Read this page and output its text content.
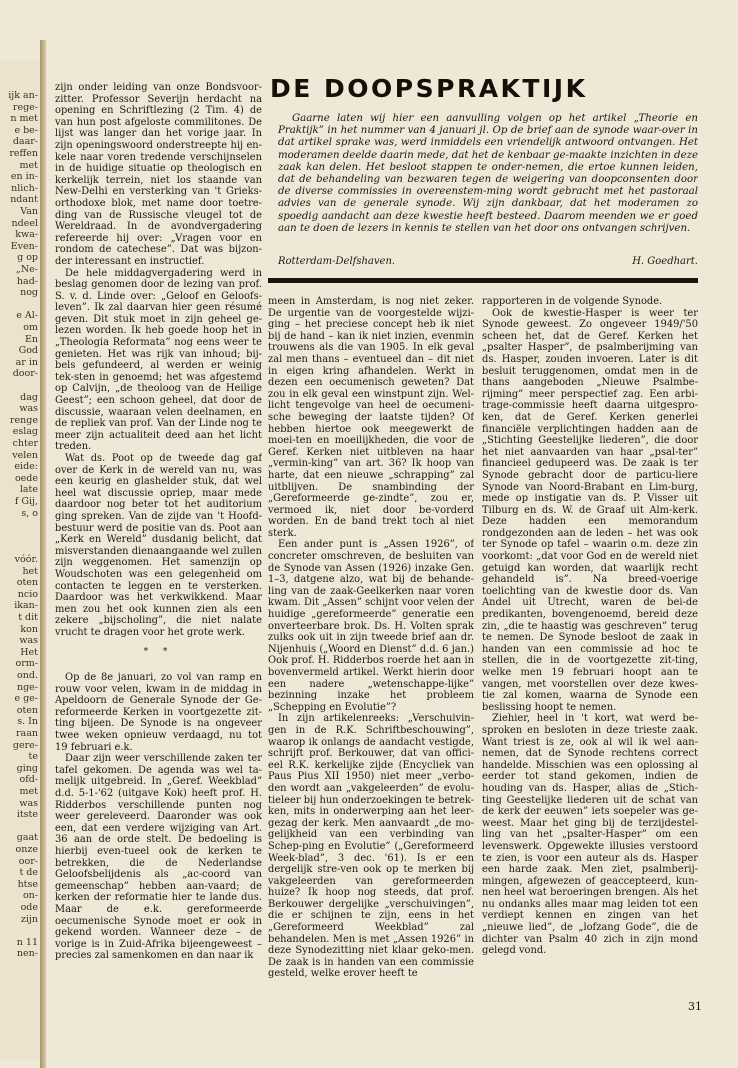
ijk an-
rege-
n met
e be-
daar-
reffen
met
en in-
nlich-
ndant
Van
ndeel
kwa-
Even-
g op
„Ne-
had-
nog
e Al-
om
En
God
ar in
door-
dag
was
renge
eslag
chter
velen
eide:
oede
late
f Gij,
s, o
vóór.
het
oten
ncio
ikan-
t dit
kon
was
Het
orm-
ond.
nge-
e ge-
oten
s. In
raan
gere-
te
ging
ofd-
met
was
itste
gaat
onze
oor-
t de
htse
on-
ode
zijn
n 11
nen-

zijn onder leiding van onze Bondsvoor-zitter. Professor Severijn herdacht na opening en Schriftlezing (2 Tim. 4) de van hun post afgeloste commilitones. De lijst was langer dan het vorige jaar. In zijn openingswoord onderstreepte hij en-kele naar voren tredende verschijnselen in de huidige situatie op theologisch en kerkelijk terrein, niet los staande van New-Delhi en versterking van 't Grieks-orthodoxe blok, met name door toetre-ding van de Russische vleugel tot de Wereldraad. In de avondvergadering refereerde hij over: „Vragen voor en rondom de catechese”. Dat was bijzon-der interessant en instructief.

De hele middagvergadering werd in beslag genomen door de lezing van prof. S. v. d. Linde over: „Geloof en Geloofs-leven”. Ik zal daarvan hier geen résumé geven. Dit stuk moet in zijn geheel ge-lezen worden. Ik heb goede hoop het in „Theologia Reformata” nog eens weer te genieten. Het was rijk van inhoud; bij-bels gefundeerd, al werden er weinig tek-sten in genoemd; het was afgestemd op Calvijn, „de theoloog van de Heilige Geest”; een schoon geheel, dat door de discussie, waaraan velen deelnamen, en de repliek van prof. Van der Linde nog te meer zijn actualiteit deed aan het licht treden.

Wat ds. Poot op de tweede dag gaf over de Kerk in de wereld van nu, was een keurig en glashelder stuk, dat wel heel wat discussie opriep, maar mede daardoor nog beter tot het auditorium ging spreken. Van de zijde van 't Hoofd-bestuur werd de positie van ds. Poot aan „Kerk en Wereld” dusdanig belicht, dat misverstanden dienaangaande wel zullen zijn weggenomen. Het samenzijn op Woudschoten was een gelegenheid om contacten te leggen en te versterken. Daardoor was het verkwikkend. Maar men zou het ook kunnen zien als een zekere „bijscholing”, die niet nalate vrucht te dragen voor het grote werk.

* *

Op de 8e januari, zo vol van ramp en rouw voor velen, kwam in de middag in Apeldoorn de Generale Synode der Ge-reformeerde Kerken in voortgezette zit-ting bijeen. De Synode is na ongeveer twee weken opnieuw verdaagd, nu tot 19 februari e.k.

Daar zijn weer verschillende zaken ter tafel gekomen. De agenda was wel ta-melijk uitgebreid. In „Geref. Weekblad” d.d. 5-1-'62 (uitgave Kok) heeft prof. H. Ridderbos verschillende punten nog weer gereleveerd. Daaronder was ook een, dat een verdere wijziging van Art. 36 aan de orde stelt. De bedoeling is hierbij even-tueel ook de kerken te betrekken, die de Nederlandse Geloofsbelijdenis als „ac-coord van gemeenschap” hebben aan-vaard; de kerken der reformatie hier te lande dus. Maar de e.k. gereformeerde oecumenische Synode moet er ook in gekend worden. Wanneer deze – de vorige is in Zuid-Afrika bijeengeweest – precies zal samenkomen en dan naar ik

DE DOOPSPRAKTIJK
Gaarne laten wij hier een aanvulling volgen op het artikel „Theorie en Praktijk” in het nummer van 4 januari jl. Op de brief aan de synode waar-over in dat artikel sprake was, werd inmiddels een vriendelijk antwoord ontvangen. Het moderamen deelde daarin mede, dat het de kenbaar ge-maakte inzichten in deze zaak kan delen. Het besloot stappen te onder-nemen, die ertoe kunnen leiden, dat de behandeling van bezwaren tegen de weigering van doopconsenten door de diverse commissies in overeenstem-ming wordt gebracht met het pastoraal advies van de generale synode. Wij zijn dankbaar, dat het moderamen zo spoedig aandacht aan deze kwestie heeft besteed. Daarom meenden we er goed aan te doen de lezers in kennis te stellen van het door ons ontvangen schrijven.
Rotterdam-Delfshaven.	H. Goedhart.

meen in Amsterdam, is nog niet zeker. De urgentie van de voorgestelde wijzi-ging – het preciese concept heb ik niet bij de hand – kan ik niet inzien, evenmin trouwens als die van 1905. In elk geval zal men thans – eventueel dan – dit niet in eigen kring afhandelen. Werkt in dezen een oecumenisch geweten? Dat zou in elk geval een winstpunt zijn. Wel-licht tengevolge van heel de oecumeni-sche beweging der laatste tijden? Of hebben hiertoe ook meegewerkt de moei-ten en moeilijkheden, die voor de Geref. Kerken niet uitbleven na haar „vermin-king” van art. 36? Ik hoop van harte, dat een nieuwe „schrapping” zal uitblijven. De snambinding der „Gereformeerde ge-zindte”, zou er, vermoed ik, niet door be-vorderd worden. En de band trekt toch al niet sterk.

Een ander punt is „Assen 1926”, of concreter omschreven, de besluiten van de Synode van Assen (1926) inzake Gen. 1–3, datgene alzo, wat bij de behande-ling van de zaak-Geelkerken naar voren kwam. Dit „Assen” schijnt voor velen der huidige „gereformeerde” generatie een onverteerbare brok. Ds. H. Volten sprak zulks ook uit in zijn tweede brief aan dr. Nijenhuis („Woord en Dienst” d.d. 6 jan.) Ook prof. H. Ridderbos roerde het aan in bovenvermeld artikel. Werkt hierin door een nadere „wetenschappe-lijke” bezinning inzake het probleem „Schepping en Evolutie”?

In zijn artikelenreeks: „Verschuivin-gen in de R.K. Schriftbeschouwing”, waarop ik onlangs de aandacht vestigde, schrijft prof. Berkouwer, dat van offici-eel R.K. kerkelijke zijde (Encycliek van Paus Pius XII 1950) niet meer „verbo-den wordt aan „vakgeleerden” de evolu-tieleer bij hun onderzoekingen te betrek-ken, mits in onderwerping aan het leer-gezag der kerk. Men aanvaardt „de mo-gelijkheid van een verbinding van Schep-ping en Evolutie” („Gereformeerd Week-blad”, 3 dec. '61). Is er een dergelijk stre-ven ook op te merken bij vakgeleerden van gereformeerden huize? Ik hoop nog steeds, dat prof. Berkouwer dergelijke „verschuivingen”, die er schijnen te zijn, eens in het „Gereformeerd Weekblad” zal behandelen. Men is met „Assen 1926” in deze Synodezitting niet klaar geko-men. De zaak is in handen van een commissie gesteld, welke erover heeft te

rapporteren in de volgende Synode.

Ook de kwestie-Hasper is weer ter Synode geweest. Zo ongeveer 1949/'50 scheen het, dat de Geref. Kerken het „psalter Hasper”, de psalmberijming van ds. Hasper, zouden invoeren. Later is dit besluit teruggenomen, omdat men in de thans aangeboden „Nieuwe Psalmbe-rijming” meer perspectief zag. Een arbi-trage-commissie heeft daarna uitgespro-ken, dat de Geref. Kerken generlei financiële verplichtingen hadden aan de „Stichting Geestelijke liederen”, die door het niet aanvaarden van haar „psal-ter” financieel gedupeerd was. De zaak is ter Synode gebracht door de particu-liere Synode van Noord-Brabant en Lim-burg, mede op instigatie van ds. P. Visser uit Tilburg en ds. W. de Graaf uit Alm-kerk. Deze hadden een memorandum rondgezonden aan de leden – het was ook ter Synode op tafel – waarin o.m. deze zin voorkomt: „dat voor God en de wereld niet getuigd kan worden, dat waarlijk recht gehandeld is”. Na breed-voerige toelichting van de kwestie door ds. Van Andel uit Utrecht, waren de bei-de predikanten, bovengenoemd, bereid deze zin, „die te haastig was geschreven” terug te nemen. De Synode besloot de zaak in handen van een commissie ad hoc te stellen, die in de voortgezette zit-ting, welke men 19 februari hoopt aan te vangen, met voorstellen over deze kwes-tie zal komen, waarna de Synode een beslissing hoopt te nemen.

Ziehier, heel in 't kort, wat werd be-sproken en besloten in deze trieste zaak. Want triest is ze, ook al wil ik wel aan-nemen, dat de Synode rechtens correct handelde. Misschien was een oplossing al eerder tot stand gekomen, indien de houding van ds. Hasper, alias de „Stich-ting Geestelijke liederen uit de schat van de kerk der eeuwen” iets soepeler was ge-weest. Maar het ging bij de terzijdestel-ling van het „psalter-Hasper” om een levenswerk. Opgewekte illusies verstoord te zien, is voor een auteur als ds. Hasper een harde zaak. Men ziet, psalmberij-mingen, afgewezen of geaccepteerd, kun-nen heel wat beroeringen brengen. Als het nu ondanks alles maar mag leiden tot een verdiept kennen en zingen van het „nieuwe lied”, de „lofzang Gode”, die de dichter van Psalm 40 zich in zijn mond gelegd vond.

31
